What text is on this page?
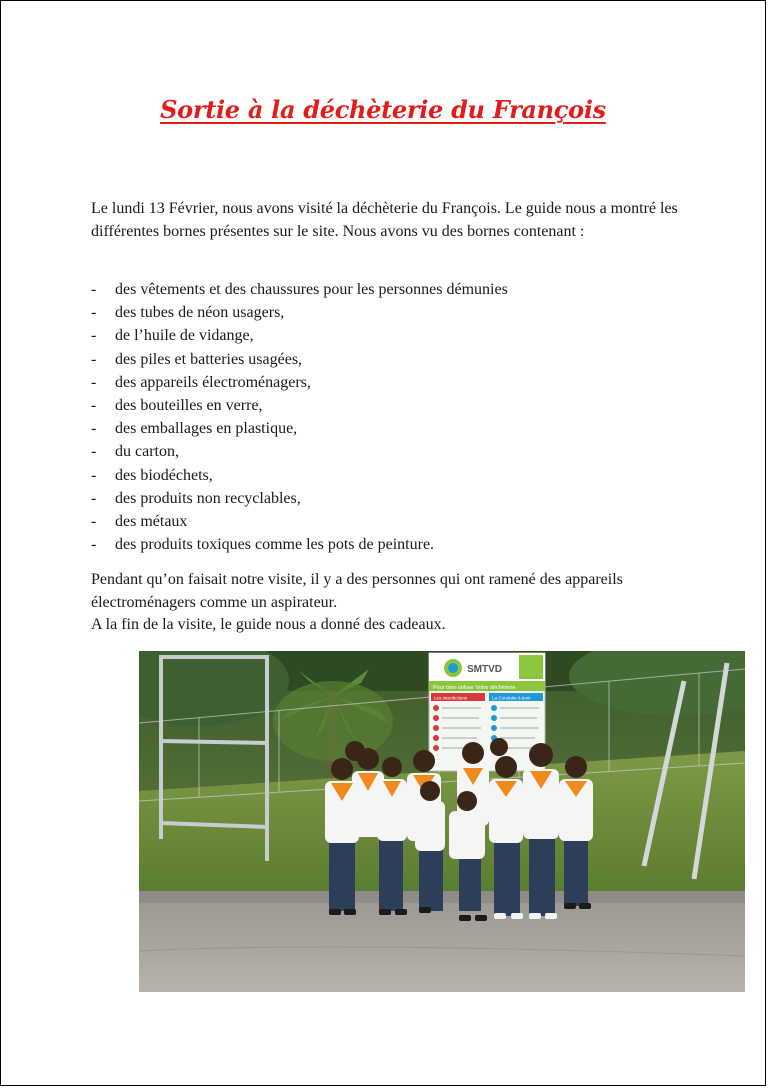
Sortie à la déchèterie du François

Le lundi 13 Février, nous avons visité la déchèterie du François. Le guide nous a montré les différentes bornes présentes sur le site. Nous avons vu des bornes contenant :

- des vêtements et des chaussures pour les personnes démunies
- des tubes de néon usagers,
- de l’huile de vidange,
- des piles et batteries usagées,
- des appareils électroménagers,
- des bouteilles en verre,
- des emballages en plastique,
- du carton,
- des biodéchets,
- des produits non recyclables,
- des métaux
- des produits toxiques comme les pots de peinture.
Pendant qu’on faisait notre visite, il y a des personnes qui ont ramené des appareils
électroménagers comme un aspirateur.
A la fin de la visite, le guide nous a donné des cadeaux.
SMTVD
Pour bien utiliser Votre déchèterie
Les interdictions	La Conduite à tenir
